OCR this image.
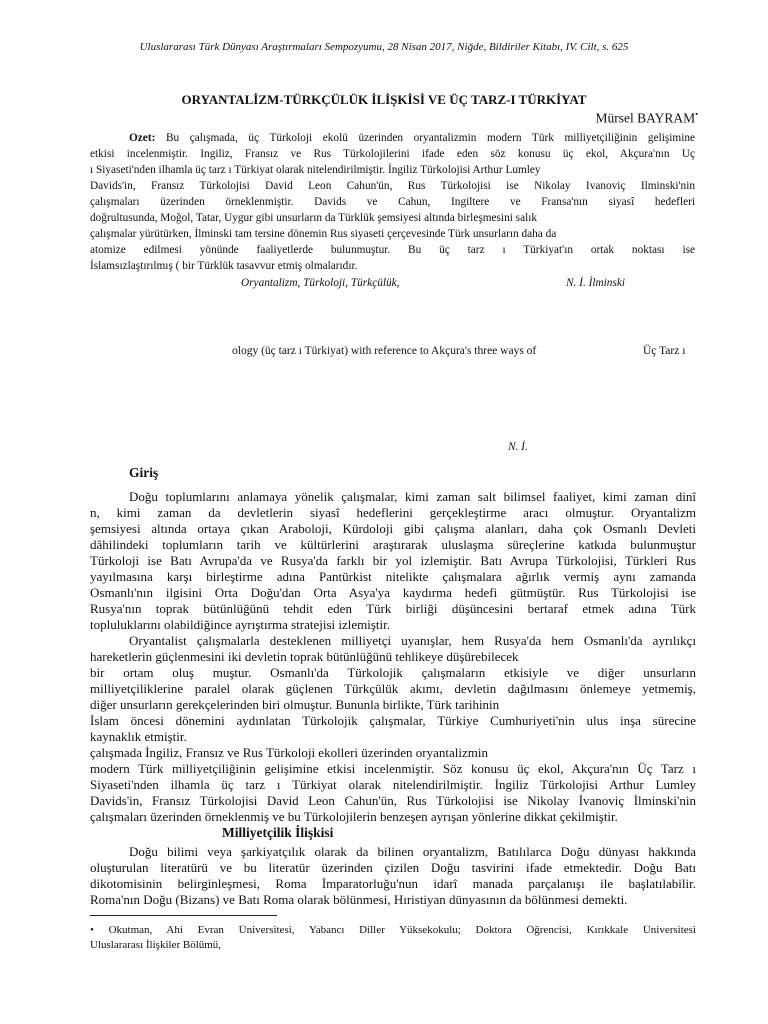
Uluslararası Türk Dünyası Araştırmaları Sempozyumu, 28 Nisan 2017, Niğde, Bildiriler Kitabı, IV. Cilt, s. 625
ORYANTALİZM-TÜRKÇÜLÜK İLİŞKİSİ VE ÜÇ TARZ-I TÜRKİYAT
Mürsel BAYRAM•
Özet: Bu çalışmada, üç Türkoloji ekolü üzerinden oryantalizmin modern Türk milliyetçiliğinin gelişimine
etkisi incelenmiştir. İngiliz, Fransız ve Rus Türkolojilerini ifade eden söz konusu üç ekol, Akçura'nın Üç
ı Siyaseti'nden ilhamla üç tarz ı Türkiyat olarak nitelendirilmiştir. İngiliz Türkolojisi Arthur Lumley
Davids'in, Fransız Türkolojisi David Leon Cahun'ün, Rus Türkolojisi ise Nikolay İvanoviç İlminski'nin
çalışmaları üzerinden örneklenmiştir. Davids ve Cahun, İngiltere ve Fransa'nın siyasî hedefleri
doğrultusunda, Moğol, Tatar, Uygur gibi unsurların da Türklük şemsiyesi altında birleşmesini salık
çalışmalar yürütürken, İlminski tam tersine dönemin Rus siyaseti çerçevesinde Türk unsurların daha da
atomize edilmesi yönünde faaliyetlerde bulunmuştur. Bu üç tarz ı Türkiyat'ın ortak noktası ise
İslamsızlaştırılmış ( bir Türklük tasavvur etmiş olmalarıdır.
Oryantalizm, Türkoloji, Türkçülük,	N. İ. İlminski
ology (üç tarz ı Türkiyat) with reference to Akçura's three ways of	Üç Tarz ı
N. İ.
Giriş
Doğu toplumlarını anlamaya yönelik çalışmalar, kimi zaman salt bilimsel faaliyet, kimi zaman dinî
n, kimi zaman da devletlerin siyasî hedeflerini gerçekleştirme aracı olmuştur. Oryantalizm
şemsiyesi altında ortaya çıkan Araboloji, Kürdoloji gibi çalışma alanları, daha çok Osmanlı Devleti
dâhilindeki toplumların tarih ve kültürlerini araştırarak uluslaşma süreçlerine katkıda bulunmuştur
Türkoloji ise Batı Avrupa'da ve Rusya'da farklı bir yol izlemiştir. Batı Avrupa Türkolojisi, Türkleri Rus
yayılmasına karşı birleştirme adına Pantürkist nitelikte çalışmalara ağırlık vermiş aynı zamanda
Osmanlı'nın ilgisini Orta Doğu'dan Orta Asya'ya kaydırma hedefi gütmüştür. Rus Türkolojisi ise
Rusya'nın toprak bütünlüğünü tehdit eden Türk birliği düşüncesini bertaraf etmek adına Türk
topluluklarını olabildiğince ayrıştırma stratejisi izlemiştir.
Oryantalist çalışmalarla desteklenen milliyetçi uyanışlar, hem Rusya'da hem Osmanlı'da ayrılıkçı
hareketlerin güçlenmesini iki devletin toprak bütünlüğünü tehlikeye düşürebilecek
bir ortam oluş muştur. Osmanlı'da Türkolojik çalışmaların etkisiyle ve diğer unsurların
milliyetçiliklerine paralel olarak güçlenen Türkçülük akımı, devletin dağılmasını önlemeye yetmemiş,
diğer unsurların gerekçelerinden biri olmuştur. Bununla birlikte, Türk tarihinin
İslam öncesi dönemini aydınlatan Türkolojik çalışmalar, Türkiye Cumhuriyeti'nin ulus inşa sürecine
kaynaklık etmiştir.
çalışmada İngiliz, Fransız ve Rus Türkoloji ekolleri üzerinden oryantalizmin
modern Türk milliyetçiliğinin gelişimine etkisi incelenmiştir. Söz konusu üç ekol, Akçura'nın Üç Tarz ı
Siyaseti'nden ilhamla üç tarz ı Türkiyat olarak nitelendirilmiştir. İngiliz Türkolojisi Arthur Lumley
Davids'in, Fransız Türkolojisi David Leon Cahun'ün, Rus Türkolojisi ise Nikolay İvanoviç İlminski'nin
çalışmaları üzerinden örneklenmiş ve bu Türkolojilerin benzeşen ayrışan yönlerine dikkat çekilmiştir.
Milliyetçilik İlişkisi
Doğu bilimi veya şarkiyatçılık olarak da bilinen oryantalizm, Batılılarca Doğu dünyası hakkında
oluşturulan literatürü ve bu literatür üzerinden çizilen Doğu tasvirini ifade etmektedir. Doğu Batı
dikotomisinin belirginleşmesi, Roma İmparatorluğu'nun idarî manada parçalanışı ile başlatılabilir.
Roma'nın Doğu (Bizans) ve Batı Roma olarak bölünmesi, Hıristiyan dünyasının da bölünmesi demekti.
• Okutman, Ahi Evran Üniversitesi, Yabancı Diller Yüksekokulu; Doktora Öğrencisi, Kırıkkale Üniversitesi
Uluslararası İlişkiler Bölümü,
